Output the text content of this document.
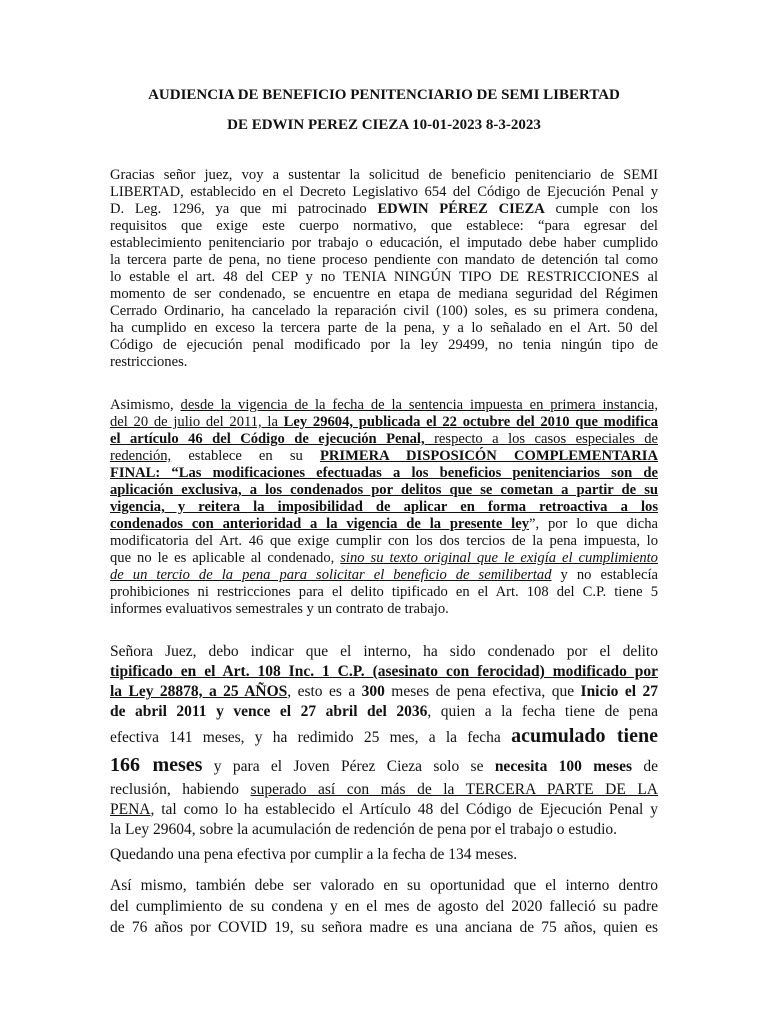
AUDIENCIA DE BENEFICIO PENITENCIARIO DE SEMI LIBERTAD
DE EDWIN PEREZ CIEZA 10-01-2023 8-3-2023
Gracias señor juez, voy a sustentar la solicitud de beneficio penitenciario de SEMI
LIBERTAD, establecido en el Decreto Legislativo 654 del Código de Ejecución Penal y
D. Leg. 1296, ya que mi patrocinado EDWIN PÉREZ CIEZA cumple con los
requisitos que exige este cuerpo normativo, que establece: “para egresar del
establecimiento penitenciario por trabajo o educación, el imputado debe haber cumplido
la tercera parte de pena, no tiene proceso pendiente con mandato de detención tal como
lo estable el art. 48 del CEP y no TENIA NINGÚN TIPO DE RESTRICCIONES al
momento de ser condenado, se encuentre en etapa de mediana seguridad del Régimen
Cerrado Ordinario, ha cancelado la reparación civil (100) soles, es su primera condena,
ha cumplido en exceso la tercera parte de la pena, y a lo señalado en el Art. 50 del
Código de ejecución penal modificado por la ley 29499, no tenia ningún tipo de
restricciones.
Asimismo, desde la vigencia de la fecha de la sentencia impuesta en primera instancia,
del 20 de julio del 2011, la Ley 29604, publicada el 22 octubre del 2010 que modifica
el artículo 46 del Código de ejecución Penal, respecto a los casos especiales de
redención, establece en su PRIMERA DISPOSICÓN COMPLEMENTARIA
FINAL: “Las modificaciones efectuadas a los beneficios penitenciarios son de
aplicación exclusiva, a los condenados por delitos que se cometan a partir de su
vigencia, y reitera la imposibilidad de aplicar en forma retroactiva a los
condenados con anterioridad a la vigencia de la presente ley”, por lo que dicha
modificatoria del Art. 46 que exige cumplir con los dos tercios de la pena impuesta, lo
que no le es aplicable al condenado, sino su texto original que le exigía el cumplimiento
de un tercio de la pena para solicitar el beneficio de semilibertad y no establecía
prohibiciones ni restricciones para el delito tipificado en el Art. 108 del C.P. tiene 5
informes evaluativos semestrales y un contrato de trabajo.
Señora Juez, debo indicar que el interno, ha sido condenado por el delito
tipificado en el Art. 108 Inc. 1 C.P. (asesinato con ferocidad) modificado por
la Ley 28878, a 25 AÑOS, esto es a 300 meses de pena efectiva, que Inicio el 27
de abril 2011 y vence el 27 abril del 2036, quien a la fecha tiene de pena
efectiva 141 meses, y ha redimido 25 mes, a la fecha acumulado tiene
166 meses y para el Joven Pérez Cieza solo se necesita 100 meses de
reclusión, habiendo superado así con más de la TERCERA PARTE DE LA
PENA, tal como lo ha establecido el Artículo 48 del Código de Ejecución Penal y
la Ley 29604, sobre la acumulación de redención de pena por el trabajo o estudio.
Quedando una pena efectiva por cumplir a la fecha de 134 meses.
Así mismo, también debe ser valorado en su oportunidad que el interno dentro
del cumplimiento de su condena y en el mes de agosto del 2020 falleció su padre
de 76 años por COVID 19, su señora madre es una anciana de 75 años, quien es
